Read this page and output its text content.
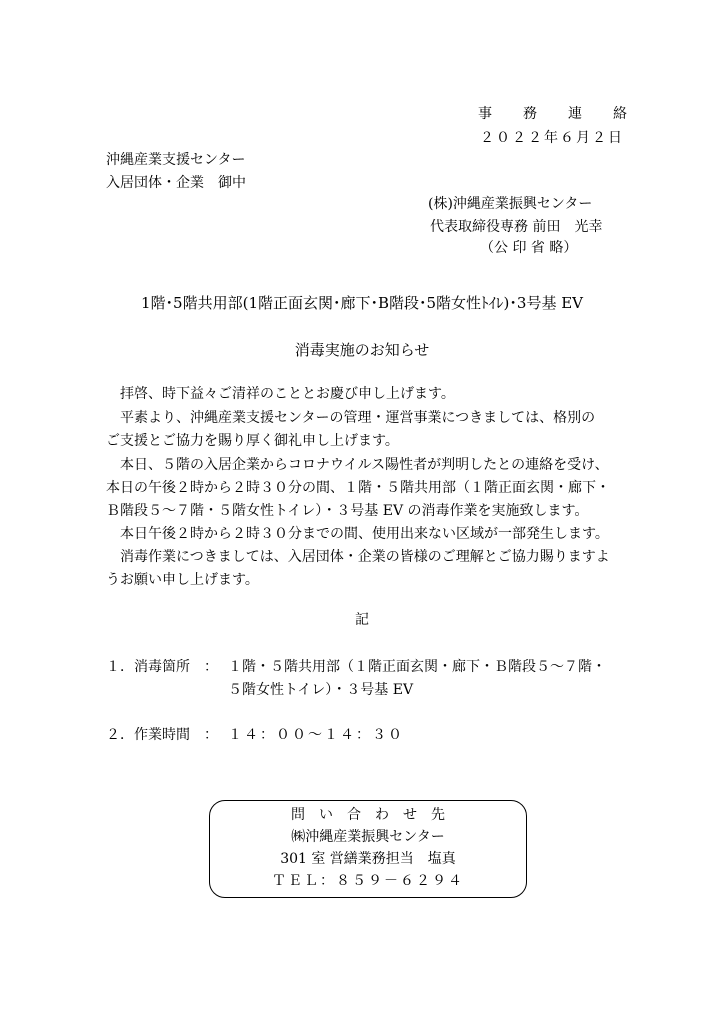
事　　務　　連　　絡
２０２２年６月２日
沖縄産業支援センター
入居団体・企業　御中
(株)沖縄産業振興センター
代表取締役専務 前田　光幸
（公 印 省 略）
1階･5階共用部(1階正面玄関･廊下･B階段･5階女性ﾄｲﾚ)･3号基 EV
消毒実施のお知らせ
　拝啓、時下益々ご清祥のこととお慶び申し上げます。
　平素より、沖縄産業支援センターの管理・運営事業につきましては、格別の
ご支援とご協力を賜り厚く御礼申し上げます。
　本日、５階の入居企業からコロナウイルス陽性者が判明したとの連絡を受け、
本日の午後２時から２時３０分の間、１階・５階共用部（１階正面玄関・廊下・
Ｂ階段５～７階・５階女性トイレ）・３号基 EV の消毒作業を実施致します。
　本日午後２時から２時３０分までの間、使用出来ない区域が一部発生します。
　消毒作業につきましては、入居団体・企業の皆様のご理解とご協力賜りますよ
うお願い申し上げます。
記
１．消毒箇所　： １階・５階共用部（１階正面玄関・廊下・Ｂ階段５～７階・
５階女性トイレ）・３号基 EV
２．作業時間　： １４：００～１４：３０
問　い　合　わ　せ　先
㈱沖縄産業振興センター
301 室 営繕業務担当　塩真
ＴＥＬ：８５９－６２９４
